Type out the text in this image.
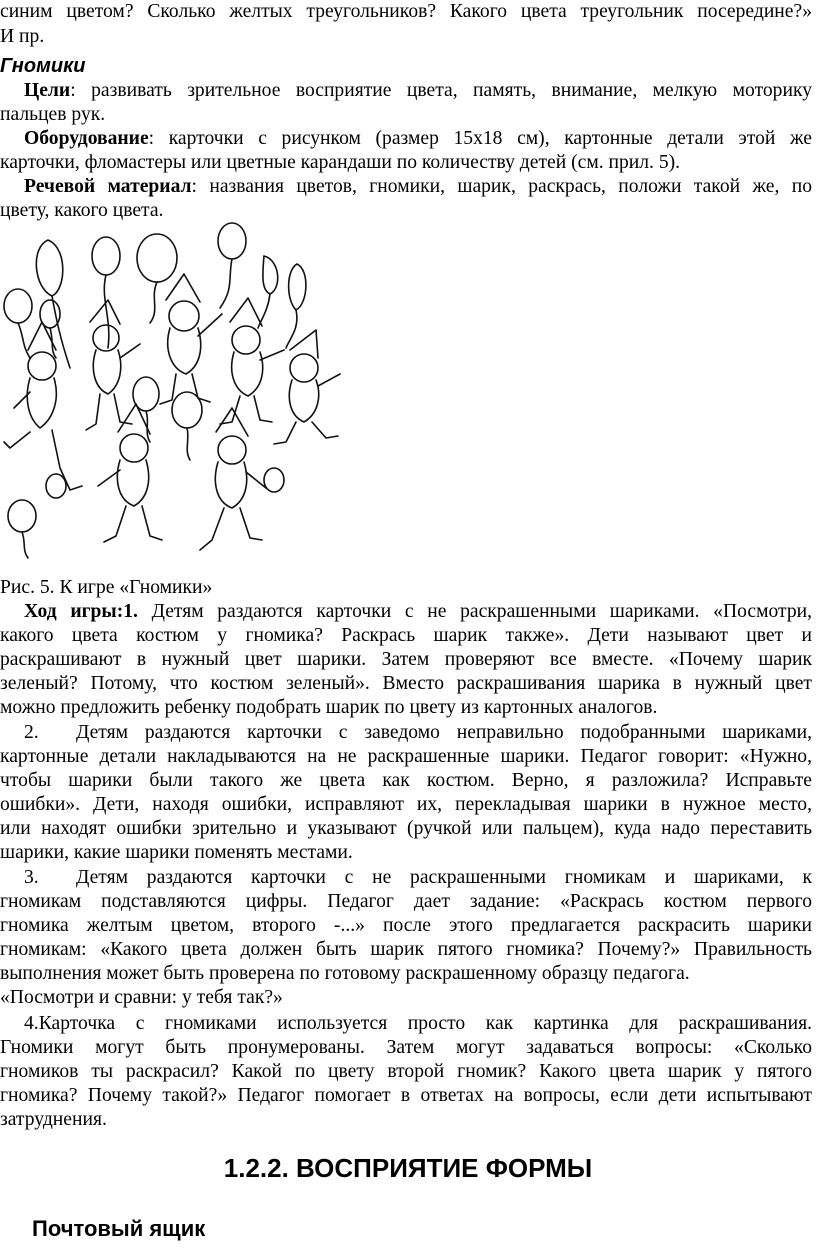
синим цветом? Сколько желтых треугольников? Какого цвета треугольник посередине?»
И пр.
Гномики
Цели: развивать зрительное восприятие цвета, память, внимание, мелкую моторику
пальцев рук.
Оборудование: карточки с рисунком (размер 15х18 см), картонные детали этой же
карточки, фломастеры или цветные карандаши по количеству детей (см. прил. 5).
Речевой материал: названия цветов, гномики, шарик, раскрась, положи такой же, по
цвету, какого цвета.
Рис. 5. К игре «Гномики»
Ход игры:1. Детям раздаются карточки с не раскрашенными шариками. «Посмотри,
какого цвета костюм у гномика? Раскрась шарик также». Дети называют цвет и
раскрашивают в нужный цвет шарики. Затем проверяют все вместе. «Почему шарик
зеленый? Потому, что костюм зеленый». Вместо раскрашивания шарика в нужный цвет
можно предложить ребенку подобрать шарик по цвету из картонных аналогов.
2. Детям раздаются карточки с заведомо неправильно подобранными шариками,
картонные детали накладываются на не раскрашенные шарики. Педагог говорит: «Нужно,
чтобы шарики были такого же цвета как костюм. Верно, я разложила? Исправьте
ошибки». Дети, находя ошибки, исправляют их, перекладывая шарики в нужное место,
или находят ошибки зрительно и указывают (ручкой или пальцем), куда надо переставить
шарики, какие шарики поменять местами.
3. Детям раздаются карточки с не раскрашенными гномикам и шариками, к
гномикам подставляются цифры. Педагог дает задание: «Раскрась костюм первого
гномика желтым цветом, второго -...» после этого предлагается раскрасить шарики
гномикам: «Какого цвета должен быть шарик пятого гномика? Почему?» Правильность
выполнения может быть проверена по готовому раскрашенному образцу педагога.
«Посмотри и сравни: у тебя так?»
4.Карточка с гномиками используется просто как картинка для раскрашивания.
Гномики могут быть пронумерованы. Затем могут задаваться вопросы: «Сколько
гномиков ты раскрасил? Какой по цвету второй гномик? Какого цвета шарик у пятого
гномика? Почему такой?» Педагог помогает в ответах на вопросы, если дети испытывают
затруднения.
1.2.2. ВОСПРИЯТИЕ ФОРМЫ
Почтовый ящик
